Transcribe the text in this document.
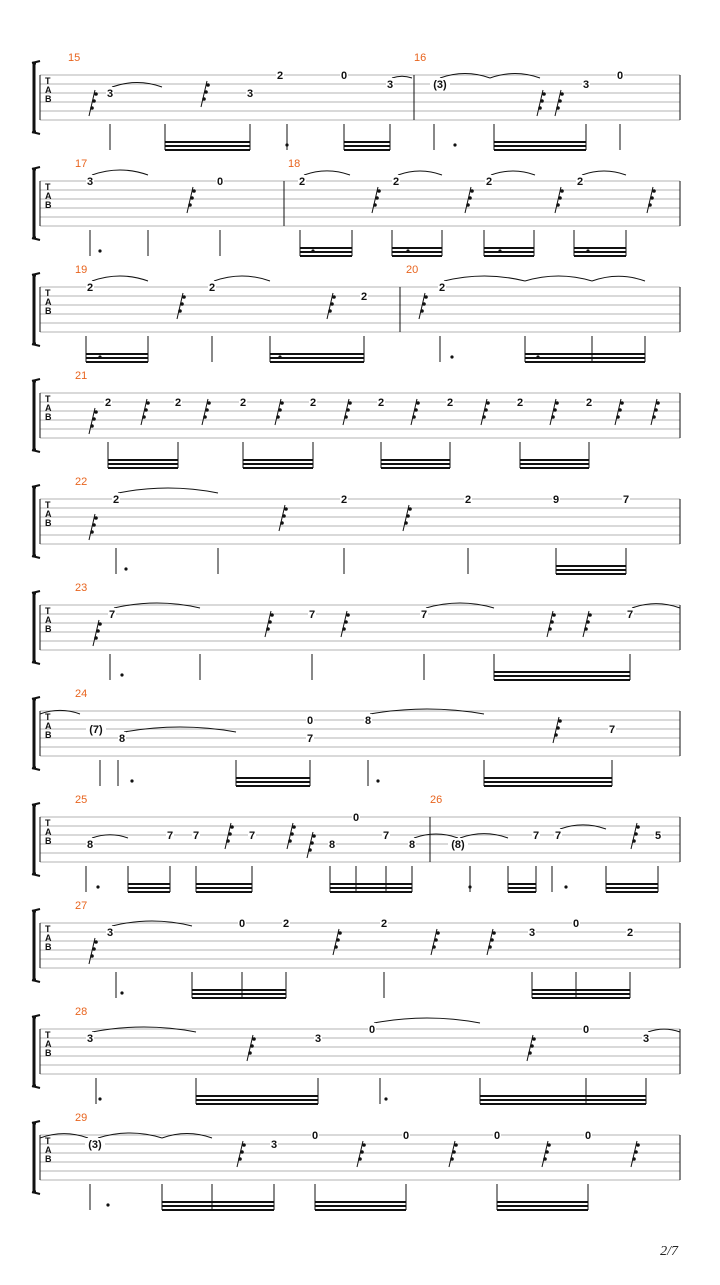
T
A
B
15	16
3	3
2	0
3	(3)	3
0
T
A
B
17	18
3	0	2	2	2	2
T
A
B
19	20
2	2
2
2
T
A
B
21
2	2	2	2	2	2	2	2
T
A
B
22
2	2	2	9	7
T
A
B
23
7	7	7	7
T
A
B
24
(7)
8
0	8
7
7
T
A
B
25	26
8
7 7	7
8
0
7
8	(8)
7 7	5
T
A
B
27
3
0	2	2
3
0
2
T
A
B
28
3	3
0	0
3
T
A
B
29
(3)	3
0	0	0	0
2/7
